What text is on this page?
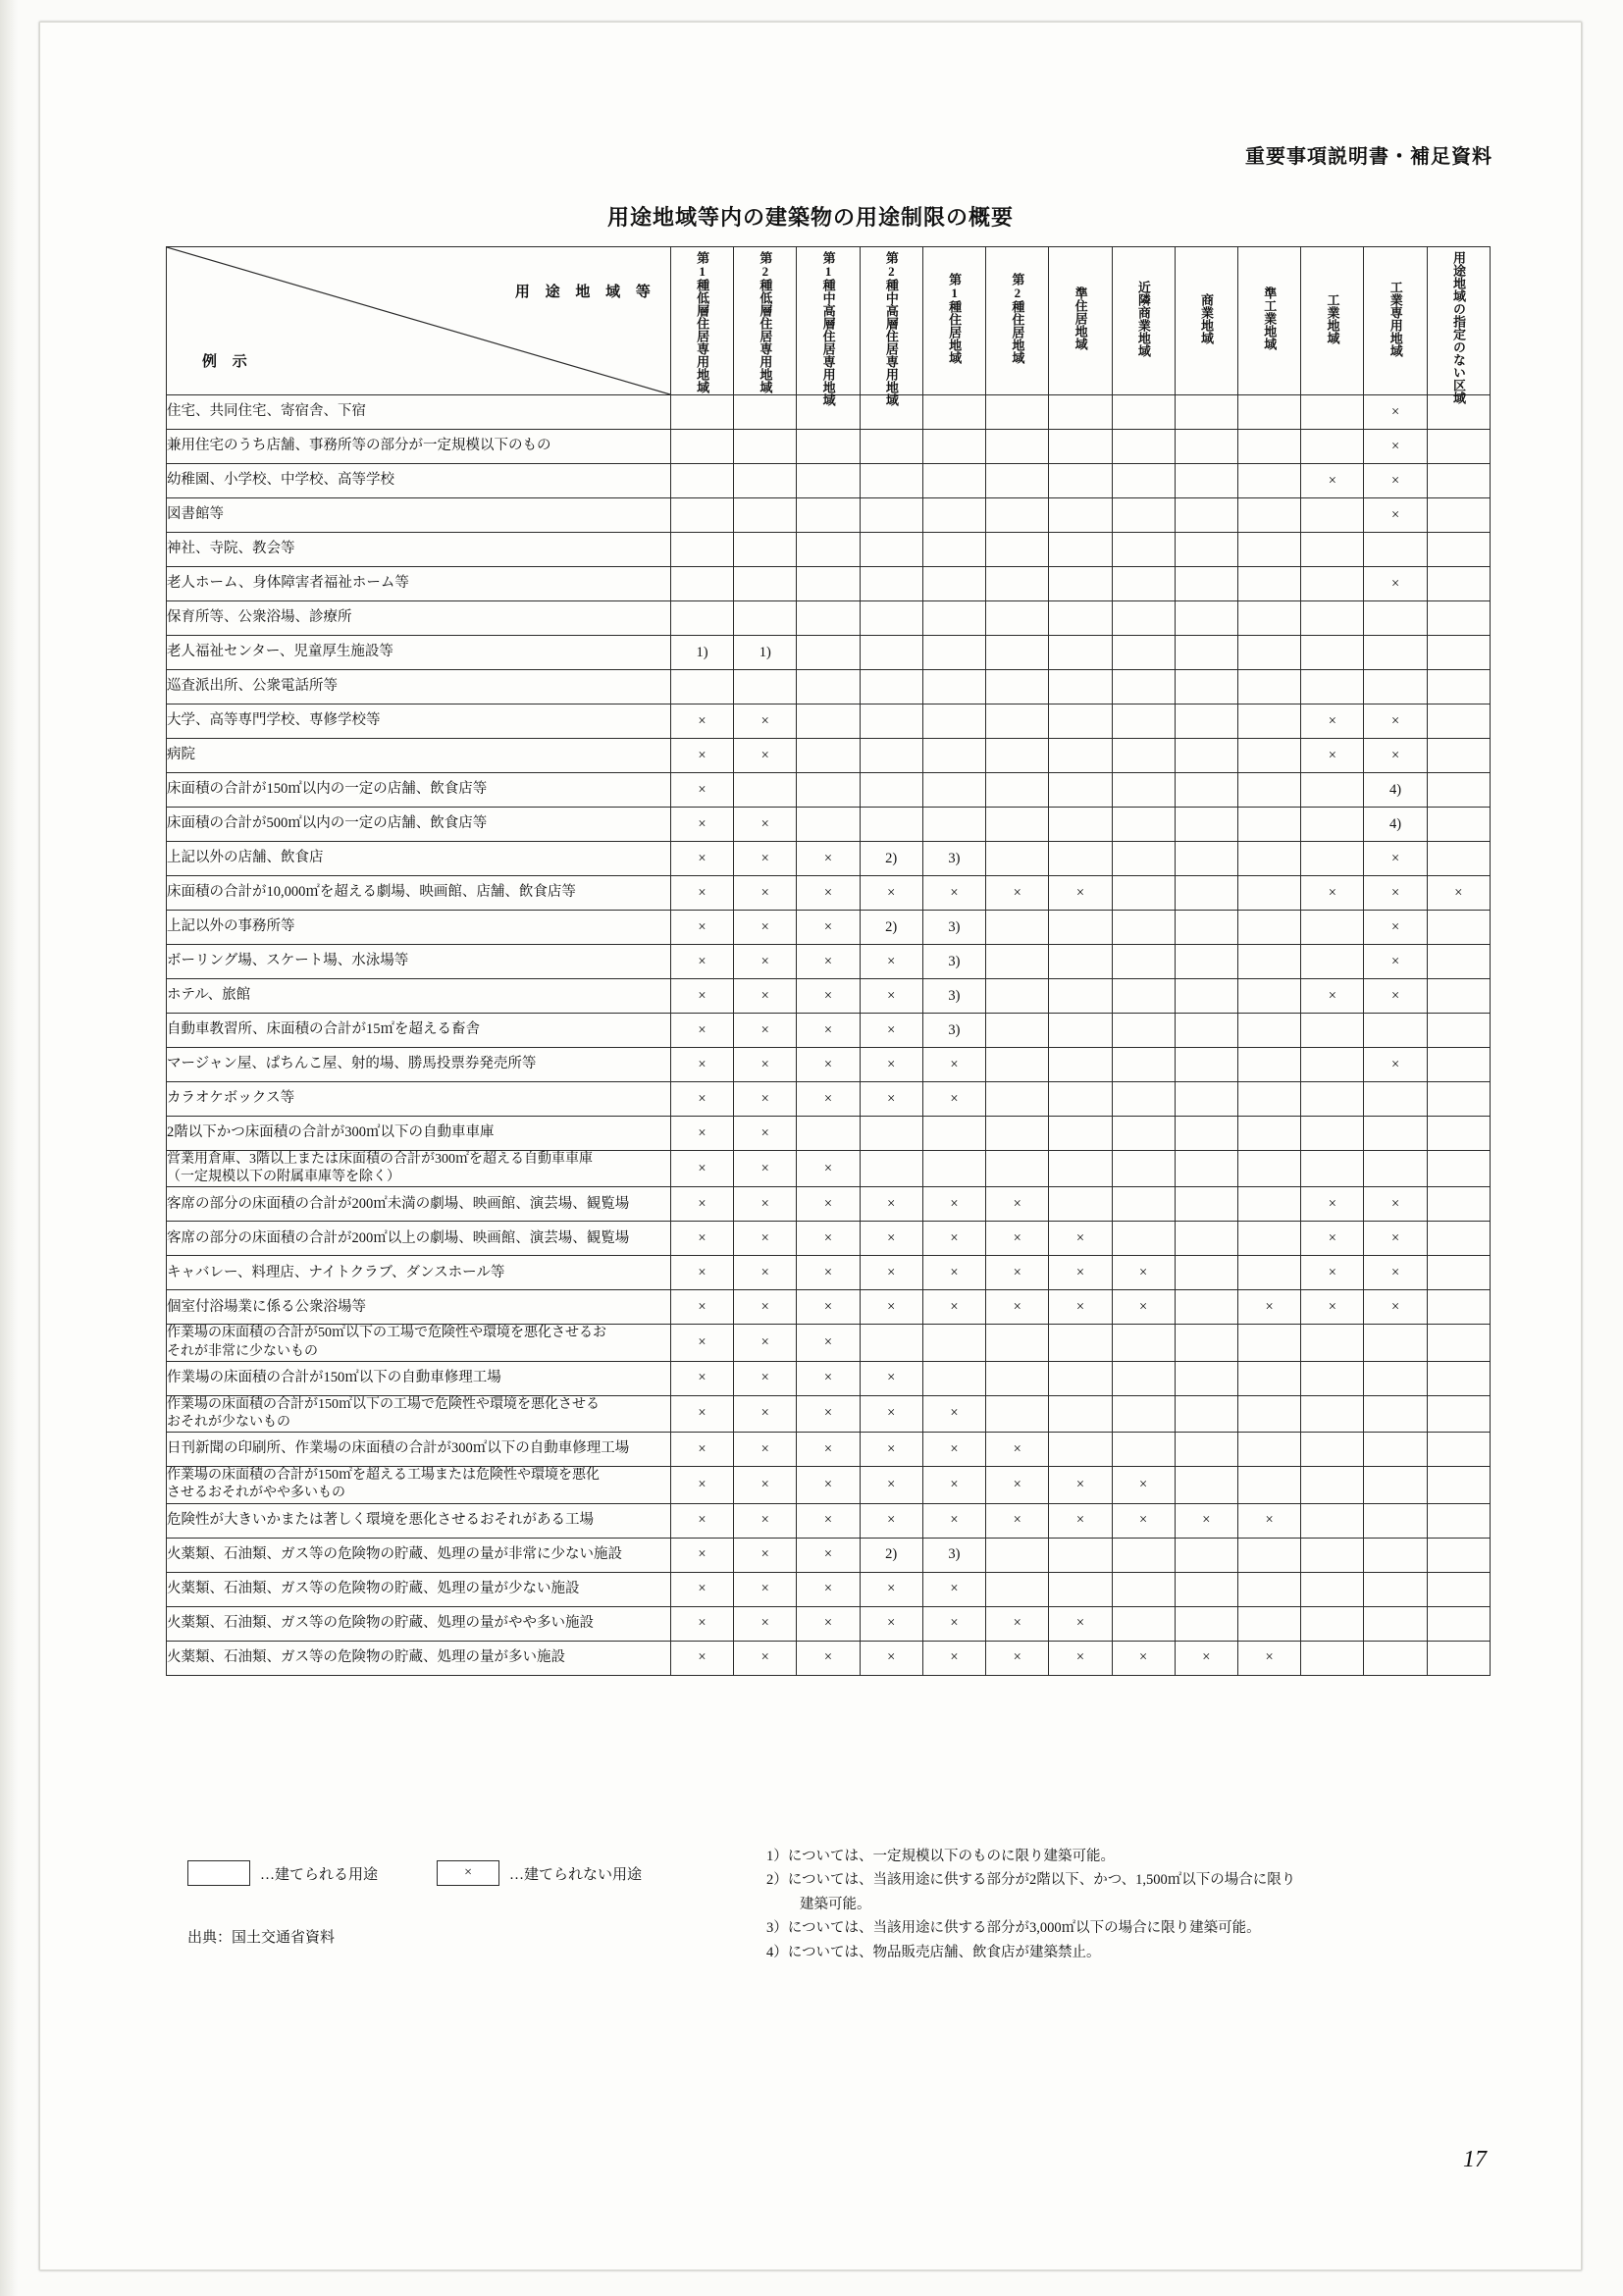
重要事項説明書・補足資料
用途地域等内の建築物の用途制限の概要
用 途 地 域 等
例 示	第1種低層住居専用地域	第2種低層住居専用地域	第1種中高層住居専用地域	第2種中高層住居専用地域	第1種住居地域	第2種住居地域	準住居地域	近隣商業地域	商業地域	準工業地域	工業地域	工業専用地域	用途地域の指定のない区域
住宅、共同住宅、寄宿舎、下宿												×	
兼用住宅のうち店舗、事務所等の部分が一定規模以下のもの												×	
幼稚園、小学校、中学校、高等学校											×	×	
図書館等												×	
神社、寺院、教会等													
老人ホーム、身体障害者福祉ホーム等												×	
保育所等、公衆浴場、診療所													
老人福祉センター、児童厚生施設等	1)	1)											
巡査派出所、公衆電話所等													
大学、高等専門学校、専修学校等	×	×									×	×	
病院	×	×									×	×	
床面積の合計が150㎡以内の一定の店舗、飲食店等	×											4)	
床面積の合計が500㎡以内の一定の店舗、飲食店等	×	×										4)	
上記以外の店舗、飲食店	×	×	×	2)	3)							×	
床面積の合計が10,000㎡を超える劇場、映画館、店舗、飲食店等	×	×	×	×	×	×	×				×	×	×
上記以外の事務所等	×	×	×	2)	3)							×	
ボーリング場、スケート場、水泳場等	×	×	×	×	3)							×	
ホテル、旅館	×	×	×	×	3)						×	×	
自動車教習所、床面積の合計が15㎡を超える畜舎	×	×	×	×	3)								
マージャン屋、ぱちんこ屋、射的場、勝馬投票券発売所等	×	×	×	×	×							×	
カラオケボックス等	×	×	×	×	×								
2階以下かつ床面積の合計が300㎡以下の自動車車庫	×	×											
営業用倉庫、3階以上または床面積の合計が300㎡を超える自動車車庫
（一定規模以下の附属車庫等を除く）	×	×	×										
客席の部分の床面積の合計が200㎡未満の劇場、映画館、演芸場、観覧場	×	×	×	×	×	×					×	×	
客席の部分の床面積の合計が200㎡以上の劇場、映画館、演芸場、観覧場	×	×	×	×	×	×	×				×	×	
キャバレー、料理店、ナイトクラブ、ダンスホール等	×	×	×	×	×	×	×	×			×	×	
個室付浴場業に係る公衆浴場等	×	×	×	×	×	×	×	×		×	×	×	
作業場の床面積の合計が50㎡以下の工場で危険性や環境を悪化させるお
それが非常に少ないもの	×	×	×										
作業場の床面積の合計が150㎡以下の自動車修理工場	×	×	×	×									
作業場の床面積の合計が150㎡以下の工場で危険性や環境を悪化させる
おそれが少ないもの	×	×	×	×	×								
日刊新聞の印刷所、作業場の床面積の合計が300㎡以下の自動車修理工場	×	×	×	×	×	×							
作業場の床面積の合計が150㎡を超える工場または危険性や環境を悪化
させるおそれがやや多いもの	×	×	×	×	×	×	×	×					
危険性が大きいかまたは著しく環境を悪化させるおそれがある工場	×	×	×	×	×	×	×	×	×	×			
火薬類、石油類、ガス等の危険物の貯蔵、処理の量が非常に少ない施設	×	×	×	2)	3)								
火薬類、石油類、ガス等の危険物の貯蔵、処理の量が少ない施設	×	×	×	×	×								
火薬類、石油類、ガス等の危険物の貯蔵、処理の量がやや多い施設	×	×	×	×	×	×	×						
火薬類、石油類、ガス等の危険物の貯蔵、処理の量が多い施設	×	×	×	×	×	×	×	×	×	×			
…建てられる用途	×	…建てられない用途
出典：国土交通省資料
1）については、一定規模以下のものに限り建築可能。
2）については、当該用途に供する部分が2階以下、かつ、1,500㎡以下の場合に限り
建築可能。
3）については、当該用途に供する部分が3,000㎡以下の場合に限り建築可能。
4）については、物品販売店舗、飲食店が建築禁止。
17
